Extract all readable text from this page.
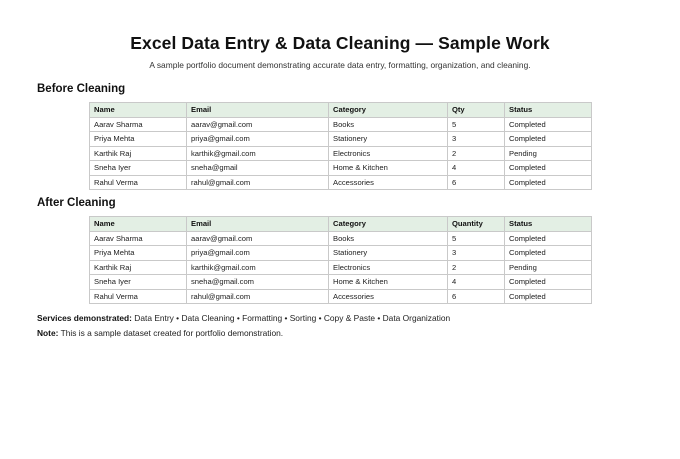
Excel Data Entry & Data Cleaning — Sample Work
A sample portfolio document demonstrating accurate data entry, formatting, organization, and cleaning.
Before Cleaning
Name	Email	Category	Qty	Status
Aarav Sharma	aarav@gmail.com	Books	5	Completed
Priya Mehta	priya@gmail.com	Stationery	3	Completed
Karthik Raj	karthik@gmail.com	Electronics	2	Pending
Sneha Iyer	sneha@gmail	Home & Kitchen	4	Completed
Rahul Verma	rahul@gmail.com	Accessories	6	Completed
After Cleaning
Name	Email	Category	Quantity	Status
Aarav Sharma	aarav@gmail.com	Books	5	Completed
Priya Mehta	priya@gmail.com	Stationery	3	Completed
Karthik Raj	karthik@gmail.com	Electronics	2	Pending
Sneha Iyer	sneha@gmail.com	Home & Kitchen	4	Completed
Rahul Verma	rahul@gmail.com	Accessories	6	Completed
Services demonstrated: Data Entry • Data Cleaning • Formatting • Sorting • Copy & Paste • Data Organization
Note: This is a sample dataset created for portfolio demonstration.
